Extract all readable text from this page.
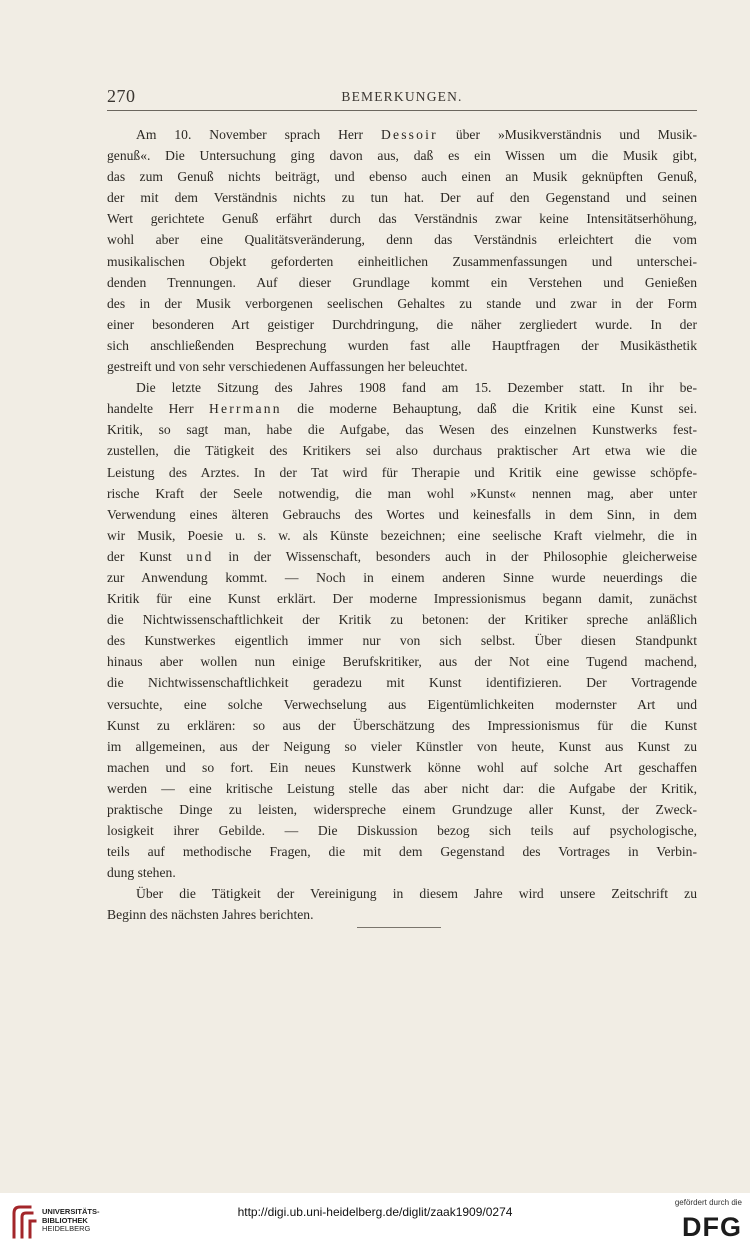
270	BEMERKUNGEN.

Am 10. November sprach Herr Dessoir über »Musikverständnis und Musik-
genuß«. Die Untersuchung ging davon aus, daß es ein Wissen um die Musik gibt,
das zum Genuß nichts beiträgt, und ebenso auch einen an Musik geknüpften Genuß,
der mit dem Verständnis nichts zu tun hat. Der auf den Gegenstand und seinen
Wert gerichtete Genuß erfährt durch das Verständnis zwar keine Intensitätserhöhung,
wohl aber eine Qualitätsveränderung, denn das Verständnis erleichtert die vom
musikalischen Objekt geforderten einheitlichen Zusammenfassungen und unterschei-
denden Trennungen. Auf dieser Grundlage kommt ein Verstehen und Genießen
des in der Musik verborgenen seelischen Gehaltes zu stande und zwar in der Form
einer besonderen Art geistiger Durchdringung, die näher zergliedert wurde. In der
sich anschließenden Besprechung wurden fast alle Hauptfragen der Musikästhetik
gestreift und von sehr verschiedenen Auffassungen her beleuchtet.

Die letzte Sitzung des Jahres 1908 fand am 15. Dezember statt. In ihr be-
handelte Herr Herrmann die moderne Behauptung, daß die Kritik eine Kunst sei.
Kritik, so sagt man, habe die Aufgabe, das Wesen des einzelnen Kunstwerks fest-
zustellen, die Tätigkeit des Kritikers sei also durchaus praktischer Art etwa wie die
Leistung des Arztes. In der Tat wird für Therapie und Kritik eine gewisse schöpfe-
rische Kraft der Seele notwendig, die man wohl »Kunst« nennen mag, aber unter
Verwendung eines älteren Gebrauchs des Wortes und keinesfalls in dem Sinn, in dem
wir Musik, Poesie u. s. w. als Künste bezeichnen; eine seelische Kraft vielmehr, die in
der Kunst und in der Wissenschaft, besonders auch in der Philosophie gleicherweise
zur Anwendung kommt. — Noch in einem anderen Sinne wurde neuerdings die
Kritik für eine Kunst erklärt. Der moderne Impressionismus begann damit, zunächst
die Nichtwissenschaftlichkeit der Kritik zu betonen: der Kritiker spreche anläßlich
des Kunstwerkes eigentlich immer nur von sich selbst. Über diesen Standpunkt
hinaus aber wollen nun einige Berufskritiker, aus der Not eine Tugend machend,
die Nichtwissenschaftlichkeit geradezu mit Kunst identifizieren. Der Vortragende
versuchte, eine solche Verwechselung aus Eigentümlichkeiten modernster Art und
Kunst zu erklären: so aus der Überschätzung des Impressionismus für die Kunst
im allgemeinen, aus der Neigung so vieler Künstler von heute, Kunst aus Kunst zu
machen und so fort. Ein neues Kunstwerk könne wohl auf solche Art geschaffen
werden — eine kritische Leistung stelle das aber nicht dar: die Aufgabe der Kritik,
praktische Dinge zu leisten, widerspreche einem Grundzuge aller Kunst, der Zweck-
losigkeit ihrer Gebilde. — Die Diskussion bezog sich teils auf psychologische,
teils auf methodische Fragen, die mit dem Gegenstand des Vortrages in Verbin-
dung stehen.

Über die Tätigkeit der Vereinigung in diesem Jahre wird unsere Zeitschrift zu
Beginn des nächsten Jahres berichten.

UNIVERSITÄTS-
BIBLIOTHEK
HEIDELBERG
http://digi.ub.uni-heidelberg.de/diglit/zaak1909/0274
gefördert durch die
DFG
